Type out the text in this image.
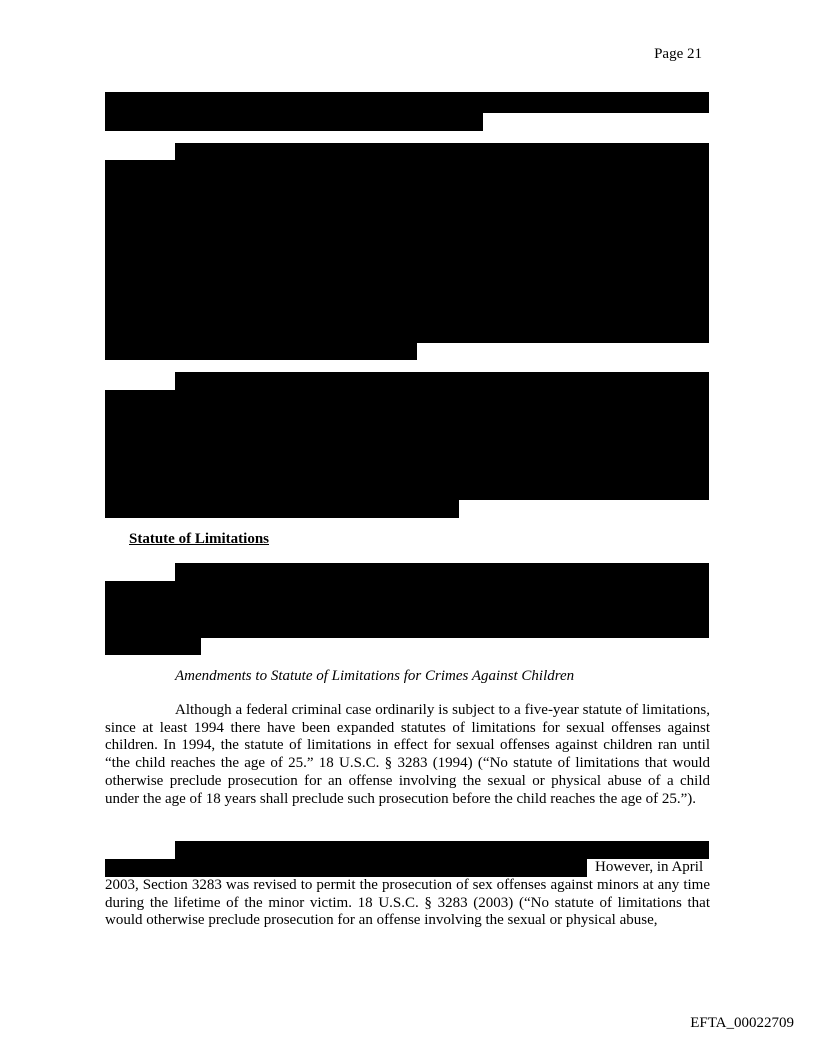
Page 21
Statute of Limitations
Amendments to Statute of Limitations for Crimes Against Children

Although a federal criminal case ordinarily is subject to a five-year statute of limitations, since at least 1994 there have been expanded statutes of limitations for sexual offenses against children. In 1994, the statute of limitations in effect for sexual offenses against children ran until “the child reaches the age of 25.” 18 U.S.C. § 3283 (1994) (“No statute of limitations that would otherwise preclude prosecution for an offense involving the sexual or physical abuse of a child under the age of 18 years shall preclude such prosecution before the child reaches the age of 25.”).

However, in April

2003, Section 3283 was revised to permit the prosecution of sex offenses against minors at any time during the lifetime of the minor victim. 18 U.S.C. § 3283 (2003) (“No statute of limitations that would otherwise preclude prosecution for an offense involving the sexual or physical abuse,

EFTA_00022709
